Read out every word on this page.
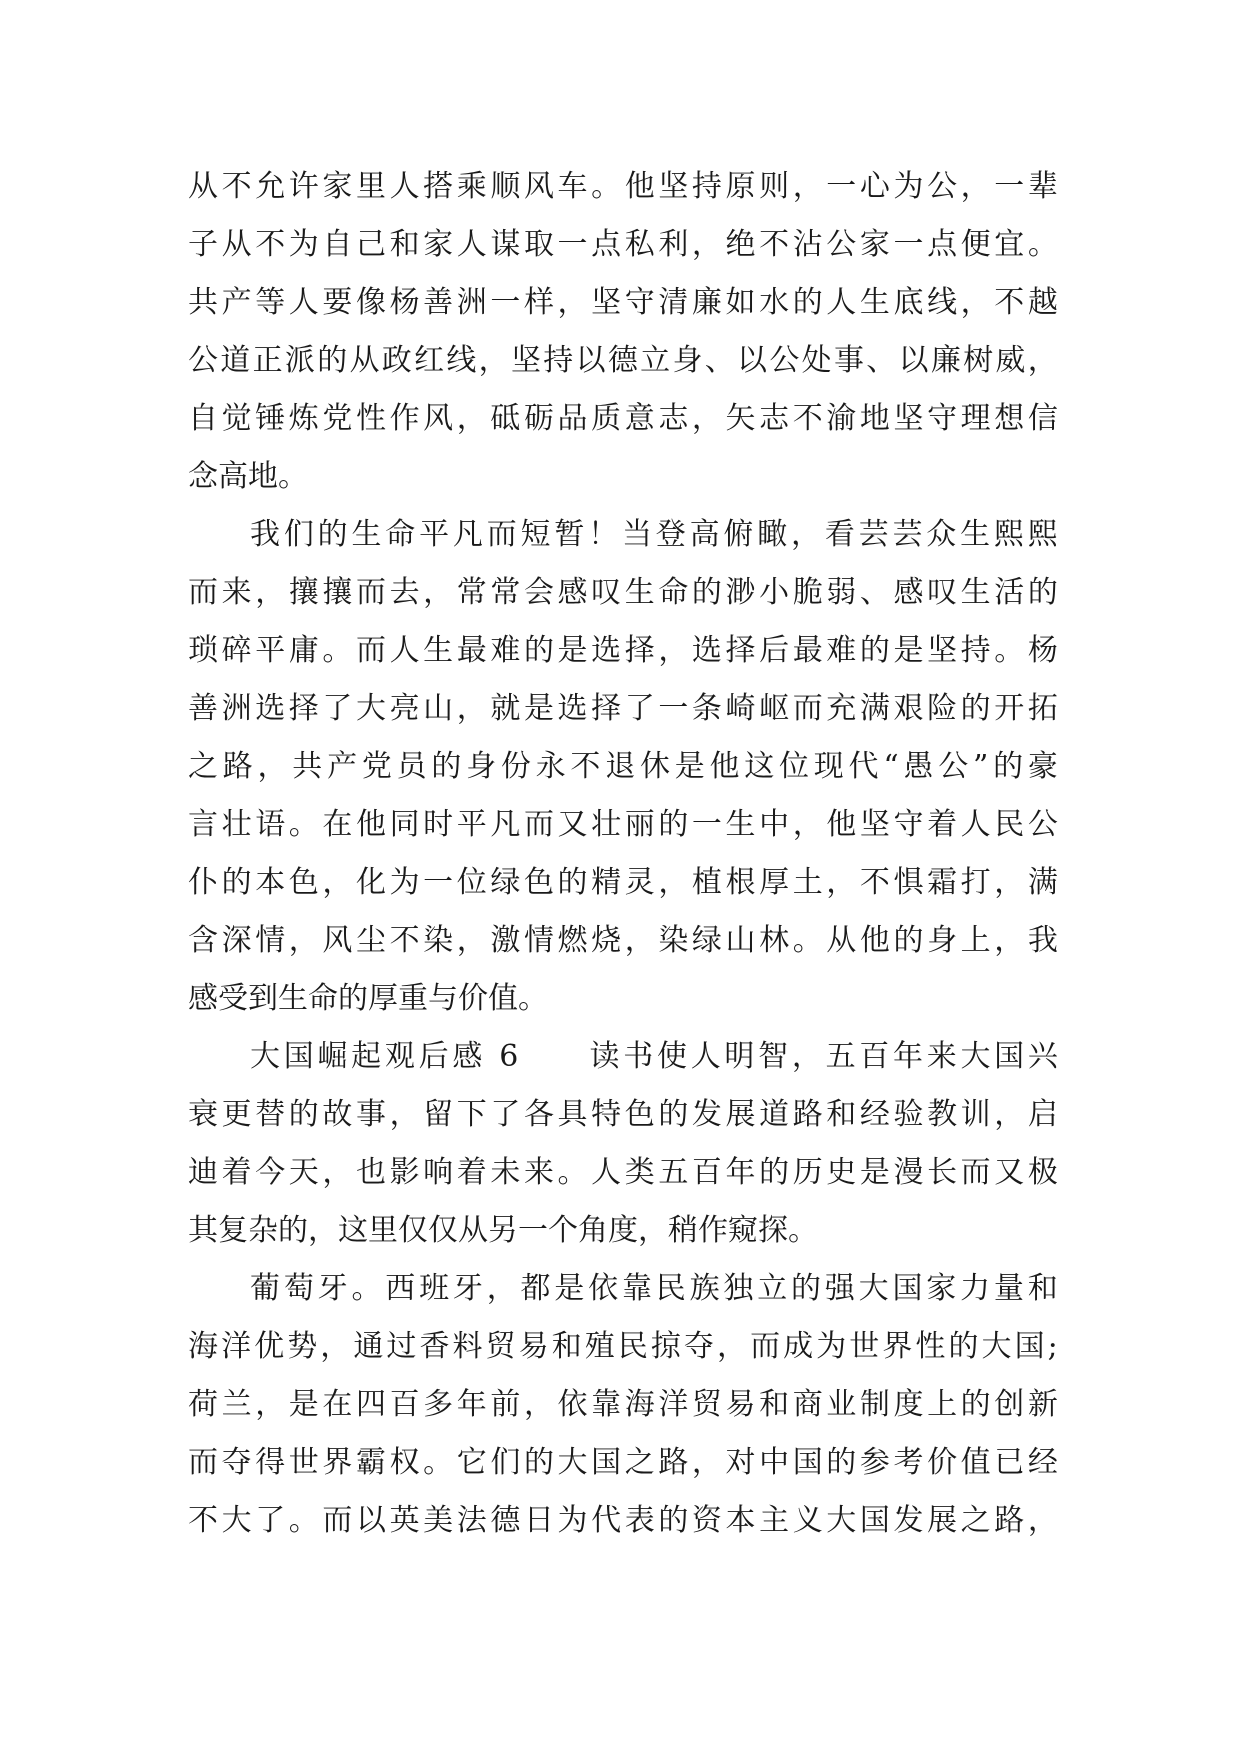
从 不 允 许 家 里 人 搭 乘 顺 风 车 。 他 坚 持 原 则 ， 一 心 为 公 ， 一 辈
子 从 不 为 自 己 和 家 人 谋 取 一 点 私 利 ， 绝 不 沾 公 家 一 点 便 宜 。
共 产 等 人 要 像 杨 善 洲 一 样 ， 坚 守 清 廉 如 水 的 人 生 底 线 ， 不 越
公 道 正 派 的 从 政 红 线 ， 坚 持 以 德 立 身 、 以 公 处 事 、 以 廉 树 威 ，
自 觉 锤 炼 党 性 作 风 ， 砥 砺 品 质 意 志 ， 矢 志 不 渝 地 坚 守 理 想 信
念 高 地 。
我 们 的 生 命 平 凡 而 短 暂 ！ 当 登 高 俯 瞰 ， 看 芸 芸 众 生 熙 熙
而 来 ， 攘 攘 而 去 ， 常 常 会 感 叹 生 命 的 渺 小 脆 弱 、 感 叹 生 活 的
琐 碎 平 庸 。 而 人 生 最 难 的 是 选 择 ， 选 择 后 最 难 的 是 坚 持 。 杨
善 洲 选 择 了 大 亮 山 ， 就 是 选 择 了 一 条 崎 岖 而 充 满 艰 险 的 开 拓
之 路 ， 共 产 党 员 的 身 份 永 不 退 休 是 他 这 位 现 代 “ 愚 公 ” 的 豪
言 壮 语 。 在 他 同 时 平 凡 而 又 壮 丽 的 一 生 中 ， 他 坚 守 着 人 民 公
仆 的 本 色 ， 化 为 一 位 绿 色 的 精 灵 ， 植 根 厚 土 ， 不 惧 霜 打 ， 满
含 深 情 ， 风 尘 不 染 ， 激 情 燃 烧 ， 染 绿 山 林 。 从 他 的 身 上 ， 我
感 受 到 生 命 的 厚 重 与 价 值 。
大 国 崛 起 观 后 感
6

　 读 书 使 人 明 智 ， 五 百 年 来 大 国 兴
衰 更 替 的 故 事 ， 留 下 了 各 具 特 色 的 发 展 道 路 和 经 验 教 训 ， 启
迪 着 今 天 ， 也 影 响 着 未 来 。 人 类 五 百 年 的 历 史 是 漫 长 而 又 极
其 复 杂 的 ， 这 里 仅 仅 从 另 一 个 角 度 ， 稍 作 窥 探 。
葡 萄 牙 。 西 班 牙 ， 都 是 依 靠 民 族 独 立 的 强 大 国 家 力 量 和
海 洋 优 势 ， 通 过 香 料 贸 易 和 殖 民 掠 夺 ， 而 成 为 世 界 性 的 大 国 ;
荷 兰 ， 是 在 四 百 多 年 前 ， 依 靠 海 洋 贸 易 和 商 业 制 度 上 的 创 新
而 夺 得 世 界 霸 权 。 它 们 的 大 国 之 路 ， 对 中 国 的 参 考 价 值 已 经
不 大 了 。 而 以 英 美 法 德 日 为 代 表 的 资 本 主 义 大 国 发 展 之 路 ，
